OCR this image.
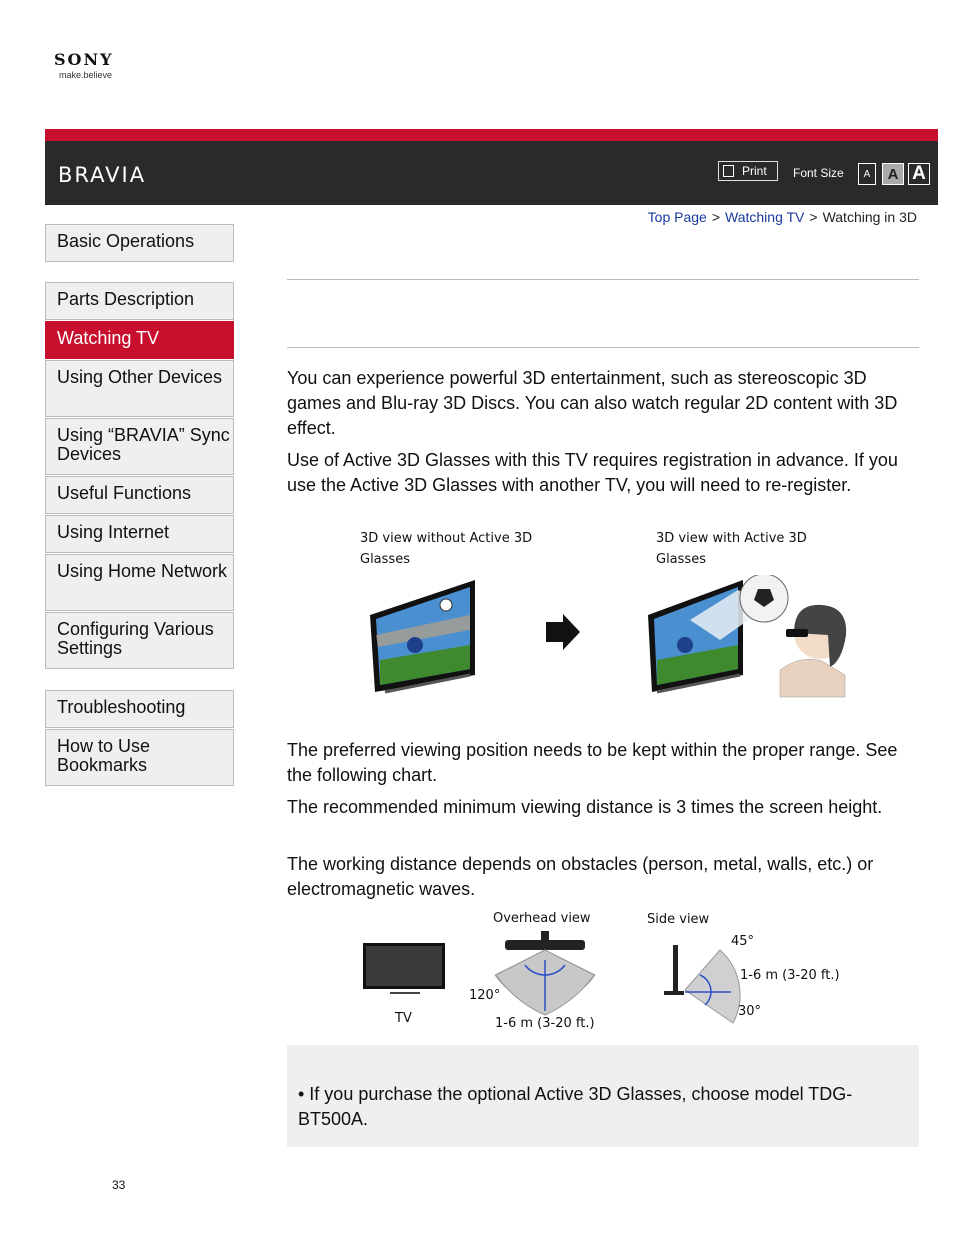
SONY
make.believe
BRAVIA	Print Font Size	A	A A
Top Page > Watching TV > Watching in 3D
Basic Operations
Parts Description
Watching TV
Using Other Devices
Using “BRAVIA” Sync Devices
Useful Functions
Using Internet
Using Home Network
Configuring Various Settings
Troubleshooting
How to Use Bookmarks

You can experience powerful 3D entertainment, such as stereoscopic 3D games and Blu-ray 3D Discs. You can also watch regular 2D content with 3D effect.

Use of Active 3D Glasses with this TV requires registration in advance. If you use the Active 3D Glasses with another TV, you will need to re-register.

3D view without Active 3D Glasses
3D view with Active 3D Glasses

The preferred viewing position needs to be kept within the proper range. See the following chart.

The recommended minimum viewing distance is 3 times the screen height.

The working distance depends on obstacles (person, metal, walls, etc.) or electromagnetic waves.

TV
Overhead view
120°
1-6 m (3-20 ft.)
Side view
45°
1-6 m (3-20 ft.)
30°
• If you purchase the optional Active 3D Glasses, choose model TDG-BT500A.
33
